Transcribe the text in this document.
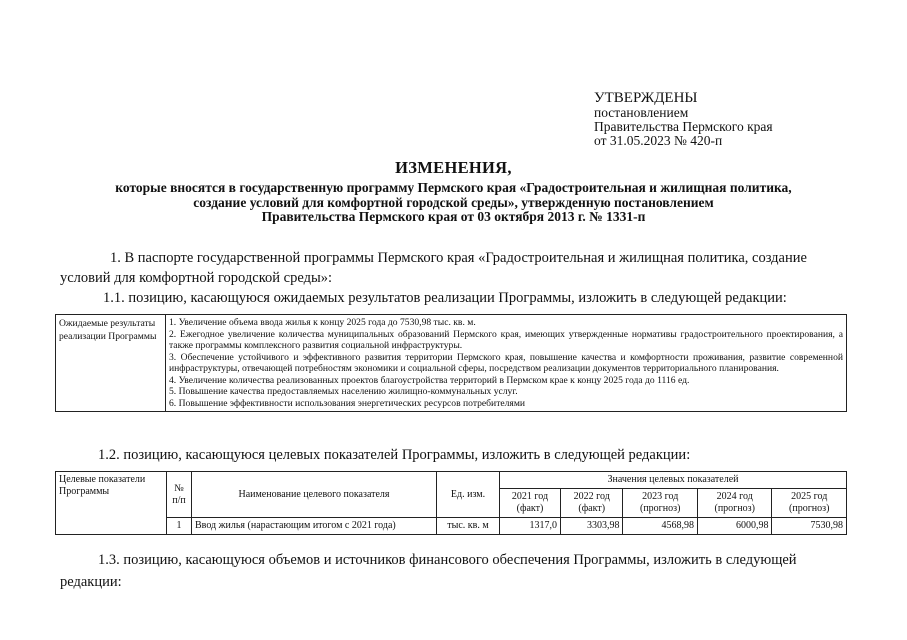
УТВЕРЖДЕНЫ
постановлением
Правительства Пермского края
от 31.05.2023 № 420-п
ИЗМЕНЕНИЯ,
которые вносятся в государственную программу Пермского края «Градостроительная и жилищная политика,
создание условий для комфортной городской среды», утвержденную постановлением
Правительства Пермского края от 03 октября 2013 г. № 1331-п
1. В паспорте государственной программы Пермского края «Градостроительная и жилищная политика, создание
условий для комфортной городской среды»:
1.1. позицию, касающуюся ожидаемых результатов реализации Программы, изложить в следующей редакции:
Ожидаемые результаты реализации Программы	
1. Увеличение объема ввода жилья к концу 2025 года до 7530,98 тыс. кв. м.
2. Ежегодное увеличение количества муниципальных образований Пермского края, имеющих утвержденные нормативы градостроительного проектирования, а также программы комплексного развития социальной инфраструктуры.
3. Обеспечение устойчивого и эффективного развития территории Пермского края, повышение качества и комфортности проживания, развитие современной инфраструктуры, отвечающей потребностям экономики и социальной сферы, посредством реализации документов территориального планирования.
4. Увеличение количества реализованных проектов благоустройства территорий в Пермском крае к концу 2025 года до 1116 ед.
5. Повышение качества предоставляемых населению жилищно-коммунальных услуг.
6. Повышение эффективности использования энергетических ресурсов потребителями
1.2. позицию, касающуюся целевых показателей Программы, изложить в следующей редакции:
Целевые показатели Программы	№ п/п	Наименование целевого показателя	Ед. изм.	Значения целевых показателей				
				2021 год (факт)	2022 год (факт)	2023 год (прогноз)	2024 год (прогноз)	2025 год (прогноз)
	1	Ввод жилья (нарастающим итогом с 2021 года)	тыс. кв. м	1317,0	3303,98	4568,98	6000,98	7530,98
1.3. позицию, касающуюся объемов и источников финансового обеспечения Программы, изложить в следующей
редакции:
